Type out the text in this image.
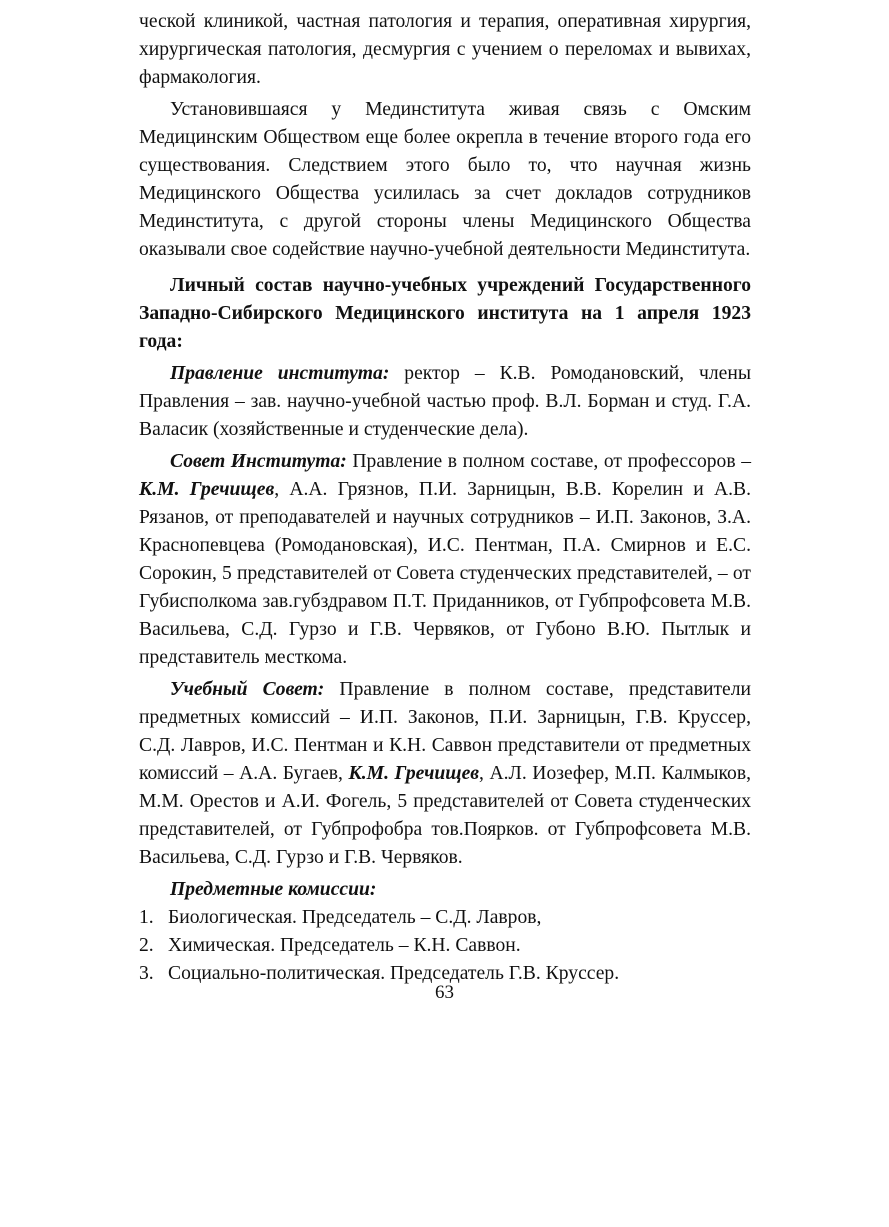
ческой клиникой, частная патология и терапия, оперативная хирургия, хирургическая патология, десмургия с учением о переломах и вывихах, фармакология.

Установившаяся у Мединститута живая связь с Омским Медицинским Обществом еще более окрепла в течение второго года его существования. Следствием этого было то, что научная жизнь Медицинского Общества усилилась за счет докладов сотрудников Мединститута, с другой стороны члены Медицинского Общества оказывали свое содействие научно-учебной деятельности Мединститута.

Личный состав научно-учебных учреждений Государственного Западно-Сибирского Медицинского института на 1 апреля 1923 года:

Правление института: ректор – К.В. Ромодановский, члены Правления – зав. научно-учебной частью проф. В.Л. Борман и студ. Г.А. Валасик (хозяйственные и студенческие дела).

Совет Института: Правление в полном составе, от профессоров – К.М. Гречищев, А.А. Грязнов, П.И. Зарницын, В.В. Корелин и А.В. Рязанов, от преподавателей и научных сотрудников – И.П. Законов, З.А. Краснопевцева (Ромодановская), И.С. Пентман, П.А. Смирнов и Е.С. Сорокин, 5 представителей от Совета студенческих представителей, – от Губисполкома зав.губздравом П.Т. Приданников, от Губпрофсовета М.В. Васильева, С.Д. Гурзо и Г.В. Червяков, от Губоно В.Ю. Пытлык и представитель месткома.

Учебный Совет: Правление в полном составе, представители предметных комиссий – И.П. Законов, П.И. Зарницын, Г.В. Круссер, С.Д. Лавров, И.С. Пентман и К.Н. Саввон представители от предметных комиссий – А.А. Бугаев, К.М. Гречищев, А.Л. Иозефер, М.П. Калмыков, М.М. Орестов и А.И. Фогель, 5 представителей от Совета студенческих представителей, от Губпрофобра тов.Поярков. от Губпрофсовета М.В. Васильева, С.Д. Гурзо и Г.В. Червяков.

Предметные комиссии:

1. Биологическая. Председатель – С.Д. Лавров,
2. Химическая. Председатель – К.Н. Саввон.
3. Социально-политическая. Председатель Г.В. Круссер.
63
